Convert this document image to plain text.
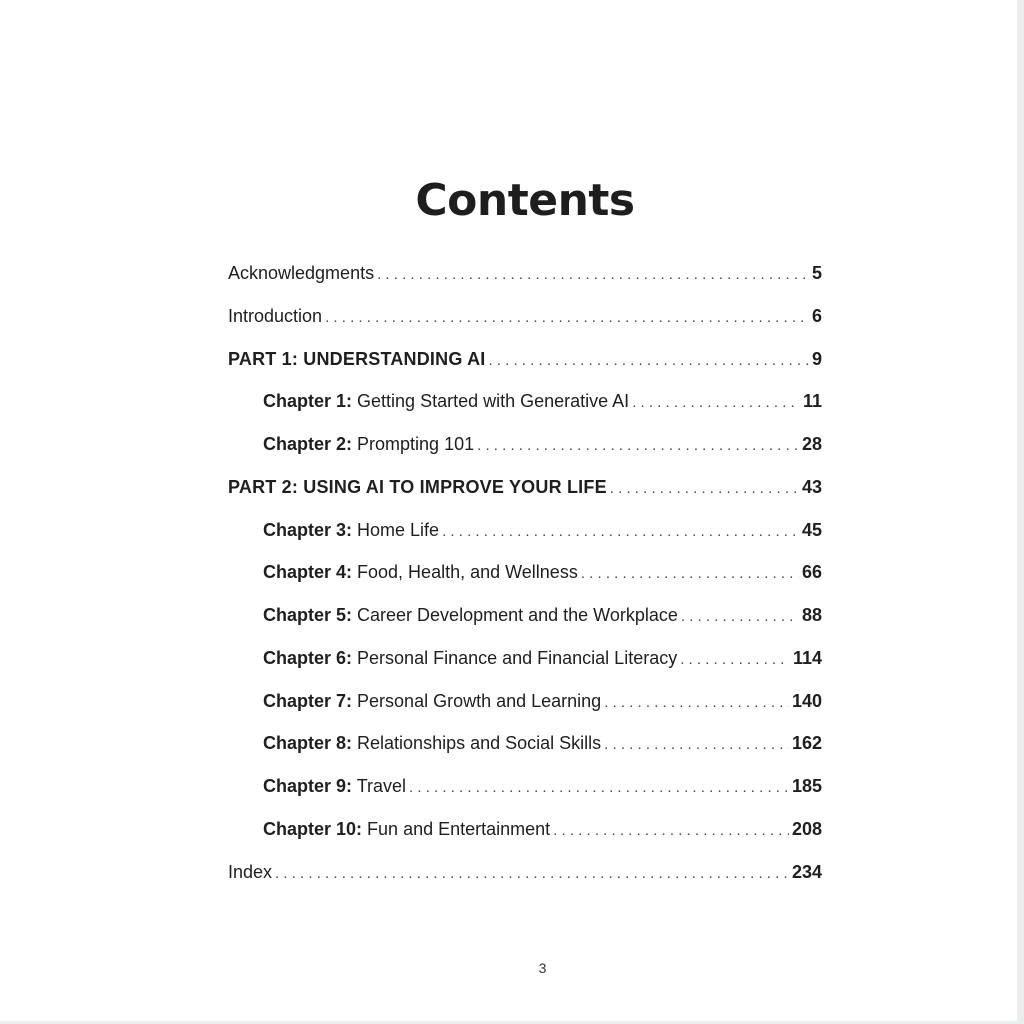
Contents
Acknowledgments . . .	5
Introduction . . .	6
PART 1: UNDERSTANDING AI . . .	9
Chapter 1: Getting Started with Generative AI . . .	11
Chapter 2: Prompting 101 . . .	28
PART 2: USING AI TO IMPROVE YOUR LIFE . . .	43
Chapter 3: Home Life . . .	45
Chapter 4: Food, Health, and Wellness . . .	66
Chapter 5: Career Development and the Workplace . . .	88
Chapter 6: Personal Finance and Financial Literacy . . .	114
Chapter 7: Personal Growth and Learning . . .	140
Chapter 8: Relationships and Social Skills . . .	162
Chapter 9: Travel . . .	185
Chapter 10: Fun and Entertainment . . .	208
Index . . .	234
3
